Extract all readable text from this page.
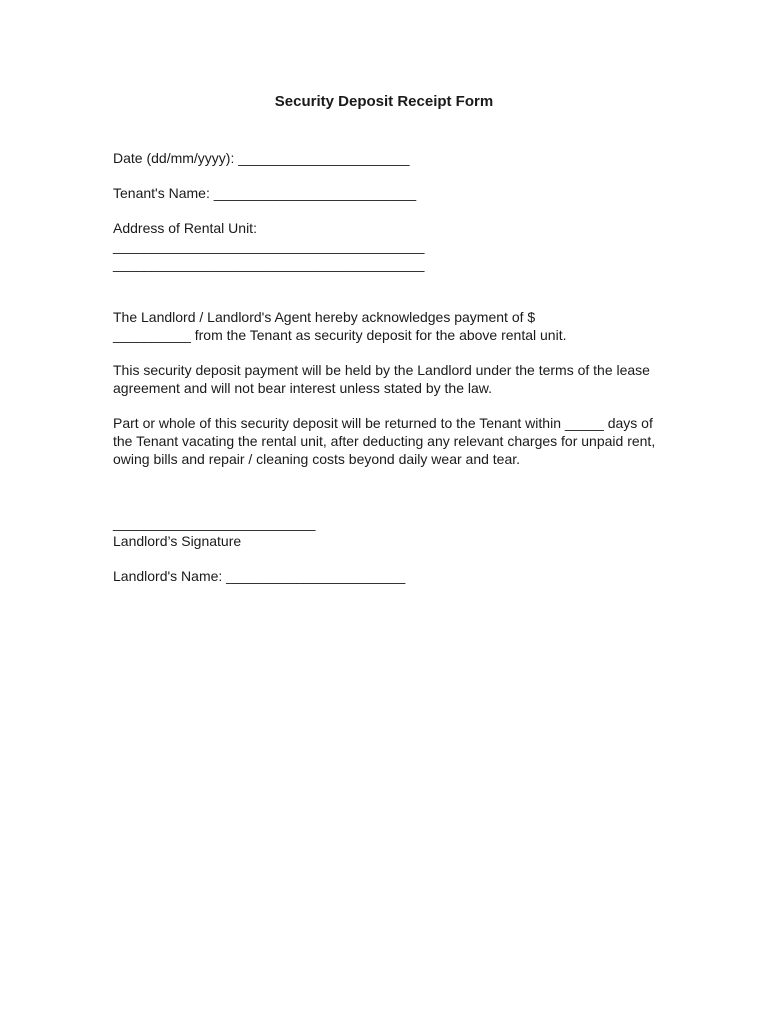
Security Deposit Receipt Form
Date (dd/mm/yyyy): ______________________
Tenant's Name: __________________________
Address of Rental Unit:
________________________________________
________________________________________
The Landlord / Landlord's Agent hereby acknowledges payment of $
__________ from the Tenant as security deposit for the above rental unit.

This security deposit payment will be held by the Landlord under the terms of the lease agreement and will not bear interest unless stated by the law.

Part or whole of this security deposit will be returned to the Tenant within _____ days of the Tenant vacating the rental unit, after deducting any relevant charges for unpaid rent, owing bills and repair / cleaning costs beyond daily wear and tear.

__________________________
Landlord’s Signature
Landlord's Name: _______________________
